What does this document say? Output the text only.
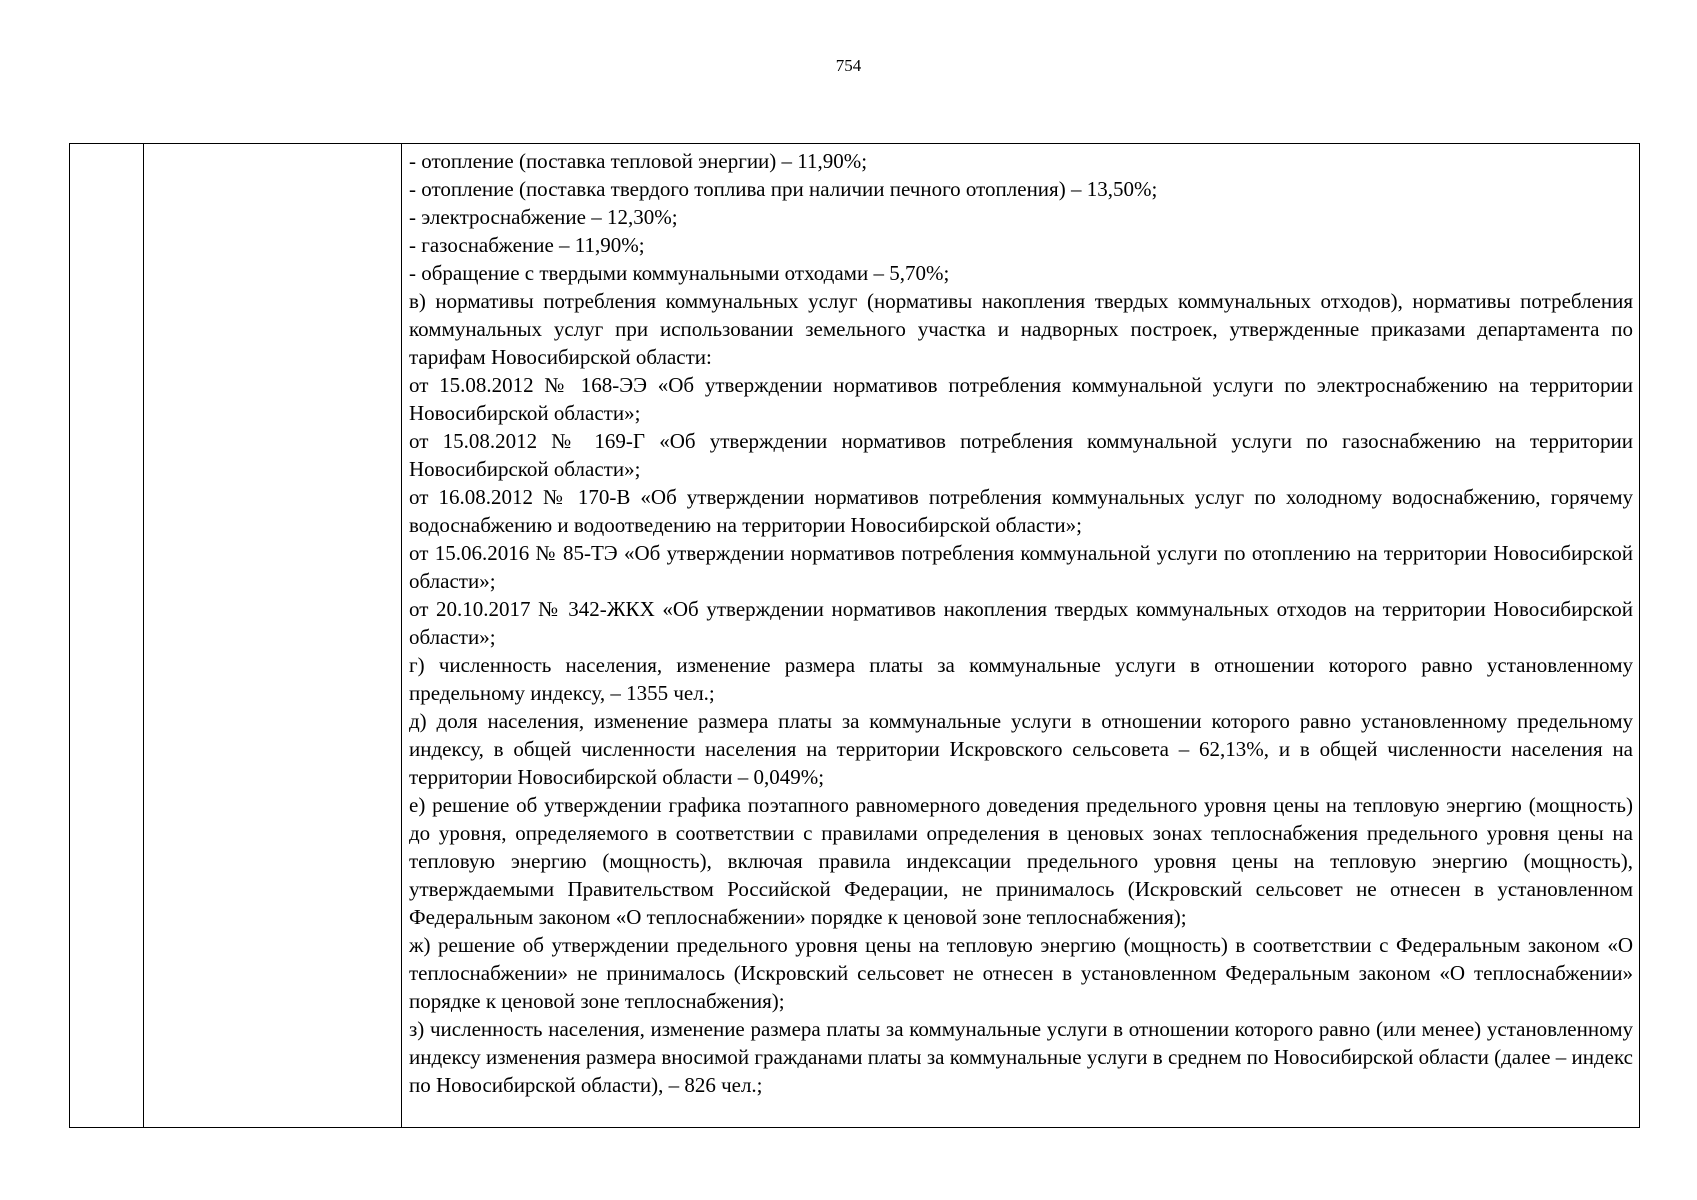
754

- отопление (поставка тепловой энергии) – 11,90%;

- отопление (поставка твердого топлива при наличии печного отопления) – 13,50%;

- электроснабжение – 12,30%;

- газоснабжение – 11,90%;

- обращение с твердыми коммунальными отходами – 5,70%;

в) нормативы потребления коммунальных услуг (нормативы накопления твердых коммунальных отходов), нормативы потребления коммунальных услуг при использовании земельного участка и надворных построек, утвержденные приказами департамента по тарифам Новосибирской области:

от 15.08.2012 № 168-ЭЭ «Об утверждении нормативов потребления коммунальной услуги по электроснабжению на территории Новосибирской области»;

от 15.08.2012 № 169-Г «Об утверждении нормативов потребления коммунальной услуги по газоснабжению на территории Новосибирской области»;

от 16.08.2012 № 170-В «Об утверждении нормативов потребления коммунальных услуг по холодному водоснабжению, горячему водоснабжению и водоотведению на территории Новосибирской области»;

от 15.06.2016 № 85-ТЭ «Об утверждении нормативов потребления коммунальной услуги по отоплению на территории Новосибирской области»;

от 20.10.2017 № 342-ЖКХ «Об утверждении нормативов накопления твердых коммунальных отходов на территории Новосибирской области»;

г) численность населения, изменение размера платы за коммунальные услуги в отношении которого равно установленному предельному индексу, – 1355 чел.;

д) доля населения, изменение размера платы за коммунальные услуги в отношении которого равно установленному предельному индексу, в общей численности населения на территории Искровского сельсовета – 62,13%, и в общей численности населения на территории Новосибирской области – 0,049%;

е) решение об утверждении графика поэтапного равномерного доведения предельного уровня цены на тепловую энергию (мощность) до уровня, определяемого в соответствии с правилами определения в ценовых зонах теплоснабжения предельного уровня цены на тепловую энергию (мощность), включая правила индексации предельного уровня цены на тепловую энергию (мощность), утверждаемыми Правительством Российской Федерации, не принималось (Искровский сельсовет не отнесен в установленном Федеральным законом «О теплоснабжении» порядке к ценовой зоне теплоснабжения);

ж) решение об утверждении предельного уровня цены на тепловую энергию (мощность) в соответствии с Федеральным законом «О теплоснабжении» не принималось (Искровский сельсовет не отнесен в установленном Федеральным законом «О теплоснабжении» порядке к ценовой зоне теплоснабжения);

з) численность населения, изменение размера платы за коммунальные услуги в отношении которого равно (или менее) установленному индексу изменения размера вносимой гражданами платы за коммунальные услуги в среднем по Новосибирской области (далее – индекс по Новосибирской области), – 826 чел.;
